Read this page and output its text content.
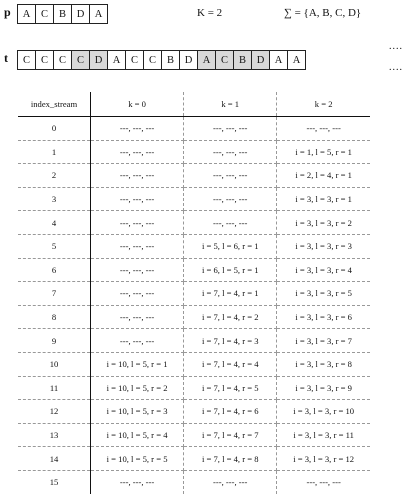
p	A	C	B	D A	K = 2	∑ = {A, B, C, D}
t	C	C	C	C	D A	C	C	B	D A	C	B	D A A
....
....
index_stream	k = 0	k = 1	k = 2
0	---, ---, ---	---, ---, ---	---, ---, ---
1	---, ---, ---	---, ---, ---	i = 1, l = 5, r = 1
2	---, ---, ---	---, ---, ---	i = 2, l = 4, r = 1
3	---, ---, ---	---, ---, ---	i = 3, l = 3, r = 1
4	---, ---, ---	---, ---, ---	i = 3, l = 3, r = 2
5	---, ---, ---	i = 5, l = 6, r = 1	i = 3, l = 3, r = 3
6	---, ---, ---	i = 6, l = 5, r = 1	i = 3, l = 3, r = 4
7	---, ---, ---	i = 7, l = 4, r = 1	i = 3, l = 3, r = 5
8	---, ---, ---	i = 7, l = 4, r = 2	i = 3, l = 3, r = 6
9	---, ---, ---	i = 7, l = 4, r = 3	i = 3, l = 3, r = 7
10	i = 10, l = 5, r = 1	i = 7, l = 4, r = 4	i = 3, l = 3, r = 8
11	i = 10, l = 5, r = 2	i = 7, l = 4, r = 5	i = 3, l = 3, r = 9
12	i = 10, l = 5, r = 3	i = 7, l = 4, r = 6	i = 3, l = 3, r = 10
13	i = 10, l = 5, r = 4	i = 7, l = 4, r = 7	i = 3, l = 3, r = 11
14	i = 10, l = 5, r = 5	i = 7, l = 4, r = 8	i = 3, l = 3, r = 12
15	---, ---, ---	---, ---, ---	---, ---, ---
